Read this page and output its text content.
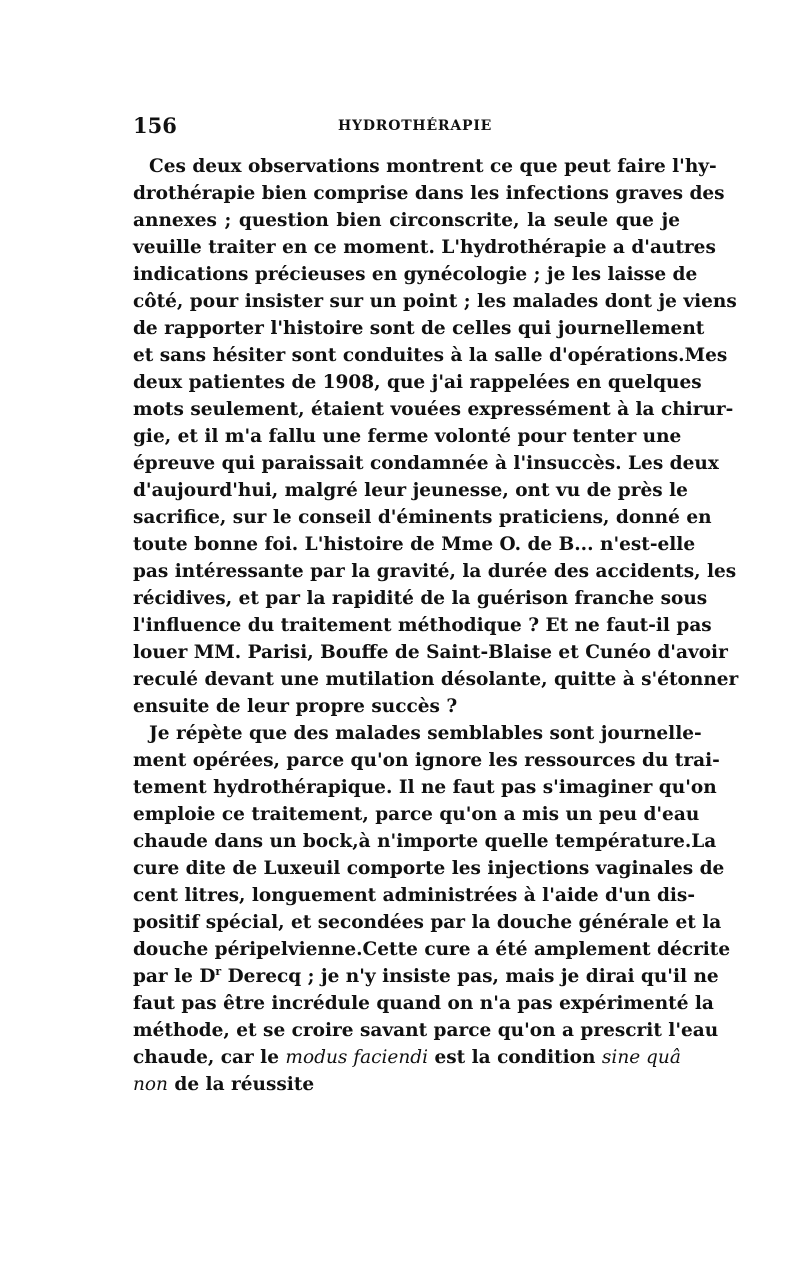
156	HYDROTHÉRAPIE
Ces deux observations montrent ce que peut faire l'hy-
drothérapie bien comprise dans les infections graves des
annexes ; question bien circonscrite, la seule que je
veuille traiter en ce moment. L'hydrothérapie a d'autres
indications précieuses en gynécologie ; je les laisse de
côté, pour insister sur un point ; les malades dont je viens
de rapporter l'histoire sont de celles qui journellement
et sans hésiter sont conduites à la salle d'opérations.Mes
deux patientes de 1908, que j'ai rappelées en quelques
mots seulement, étaient vouées expressément à la chirur-
gie, et il m'a fallu une ferme volonté pour tenter une
épreuve qui paraissait condamnée à l'insuccès. Les deux
d'aujourd'hui, malgré leur jeunesse, ont vu de près le
sacrifice, sur le conseil d'éminents praticiens, donné en
toute bonne foi. L'histoire de Mme O. de B... n'est-elle
pas intéressante par la gravité, la durée des accidents, les
récidives, et par la rapidité de la guérison franche sous
l'influence du traitement méthodique ? Et ne faut-il pas
louer MM. Parisi, Bouffe de Saint-Blaise et Cunéo d'avoir
reculé devant une mutilation désolante, quitte à s'étonner
ensuite de leur propre succès ?
Je répète que des malades semblables sont journelle-
ment opérées, parce qu'on ignore les ressources du trai-
tement hydrothérapique. Il ne faut pas s'imaginer qu'on
emploie ce traitement, parce qu'on a mis un peu d'eau
chaude dans un bock,à n'importe quelle température.La
cure dite de Luxeuil comporte les injections vaginales de
cent litres, longuement administrées à l'aide d'un dis-
positif spécial, et secondées par la douche générale et la
douche péripelvienne.Cette cure a été amplement décrite
par le $D^r$ Derecq ; je n'y insiste pas, mais je dirai qu'il ne
faut pas être incrédule quand on n'a pas expérimenté la
méthode, et se croire savant parce qu'on a prescrit l'eau
chaude, car le modus faciendi est la condition sine quâ
non de la réussite
